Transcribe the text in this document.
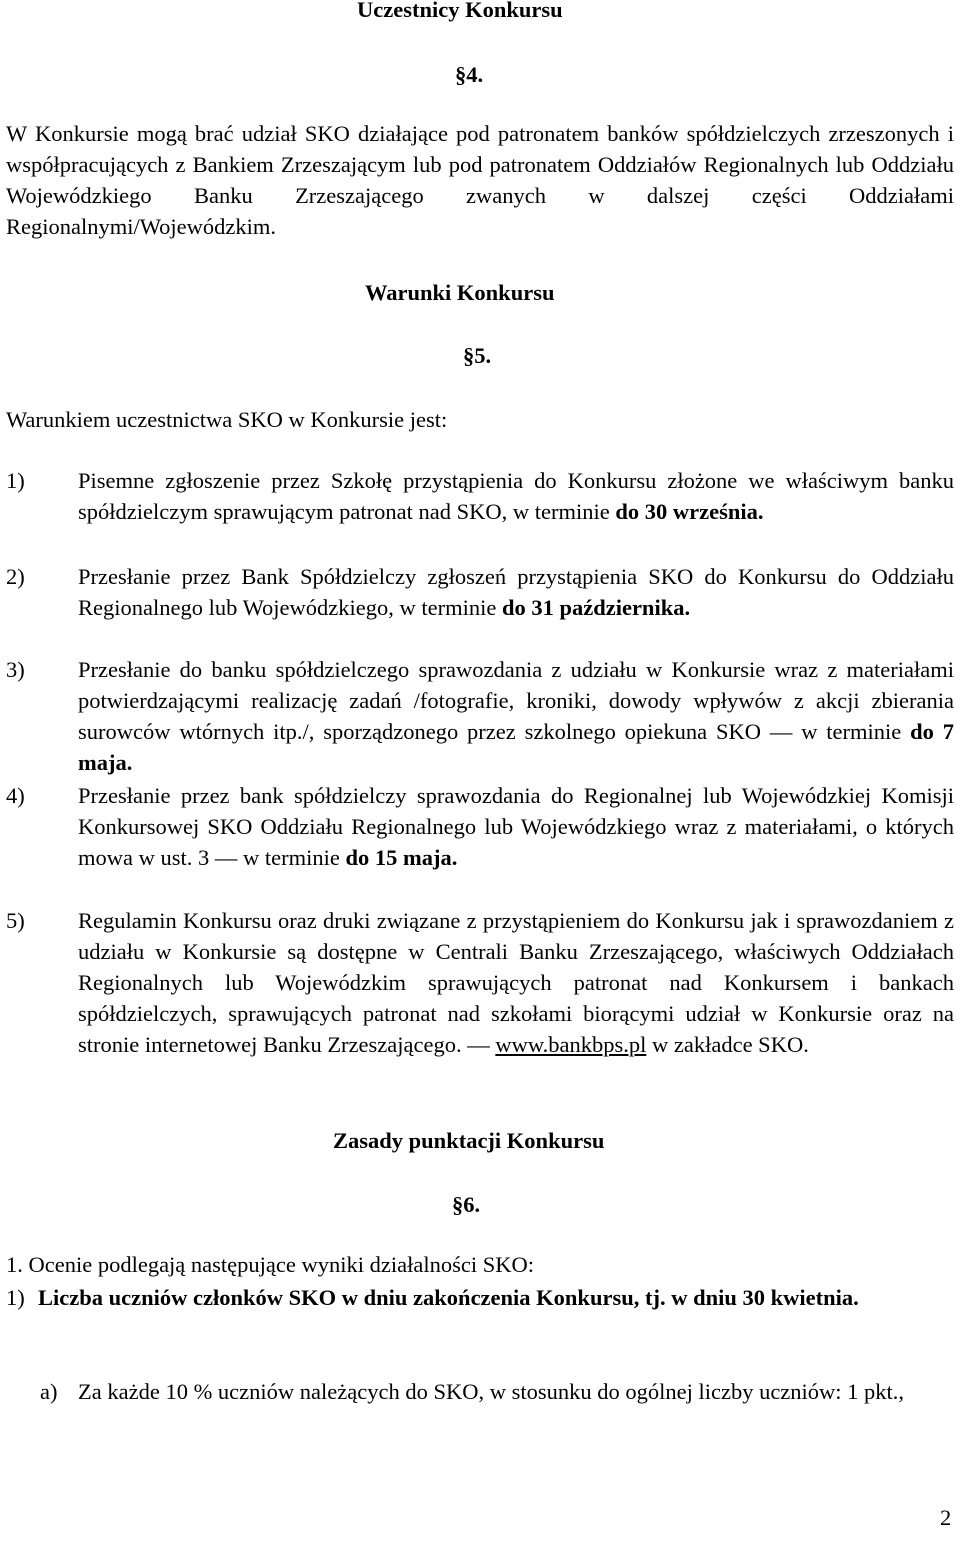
Uczestnicy Konkursu
§4.
W Konkursie mogą brać udział SKO działające pod patronatem banków spółdzielczych zrzeszonych i współpracujących z Bankiem Zrzeszającym lub pod patronatem Oddziałów Regionalnych lub Oddziału Wojewódzkiego Banku Zrzeszającego zwanych w dalszej części Oddziałami Regionalnymi/Wojewódzkim.
Warunki Konkursu
§5.
Warunkiem uczestnictwa SKO w Konkursie jest:
1)	Pisemne zgłoszenie przez Szkołę przystąpienia do Konkursu złożone we właściwym banku spółdzielczym sprawującym patronat nad SKO, w terminie do 30 września.
2)	Przesłanie przez Bank Spółdzielczy zgłoszeń przystąpienia SKO do Konkursu do Oddziału Regionalnego lub Wojewódzkiego, w terminie do 31 października.
3)	Przesłanie do banku spółdzielczego sprawozdania z udziału w Konkursie wraz z materiałami potwierdzającymi realizację zadań /fotografie, kroniki, dowody wpływów z akcji zbierania surowców wtórnych itp./, sporządzonego przez szkolnego opiekuna SKO — w terminie do 7 maja.
4)	Przesłanie przez bank spółdzielczy sprawozdania do Regionalnej lub Wojewódzkiej Komisji Konkursowej SKO Oddziału Regionalnego lub Wojewódzkiego wraz z materiałami, o których mowa w ust. 3 — w terminie do 15 maja.
5)	Regulamin Konkursu oraz druki związane z przystąpieniem do Konkursu jak i sprawozdaniem z udziału w Konkursie są dostępne w Centrali Banku Zrzeszającego, właściwych Oddziałach Regionalnych lub Wojewódzkim sprawujących patronat nad Konkursem i bankach spółdzielczych, sprawujących patronat nad szkołami biorącymi udział w Konkursie oraz na stronie internetowej Banku Zrzeszającego. — www.bankbps.pl w zakładce SKO.
Zasady punktacji Konkursu
§6.
1. Ocenie podlegają następujące wyniki działalności SKO:
1) Liczba uczniów członków SKO w dniu zakończenia Konkursu, tj. w dniu 30 kwietnia.
a) Za każde 10 % uczniów należących do SKO, w stosunku do ogólnej liczby uczniów: 1 pkt.,
2
